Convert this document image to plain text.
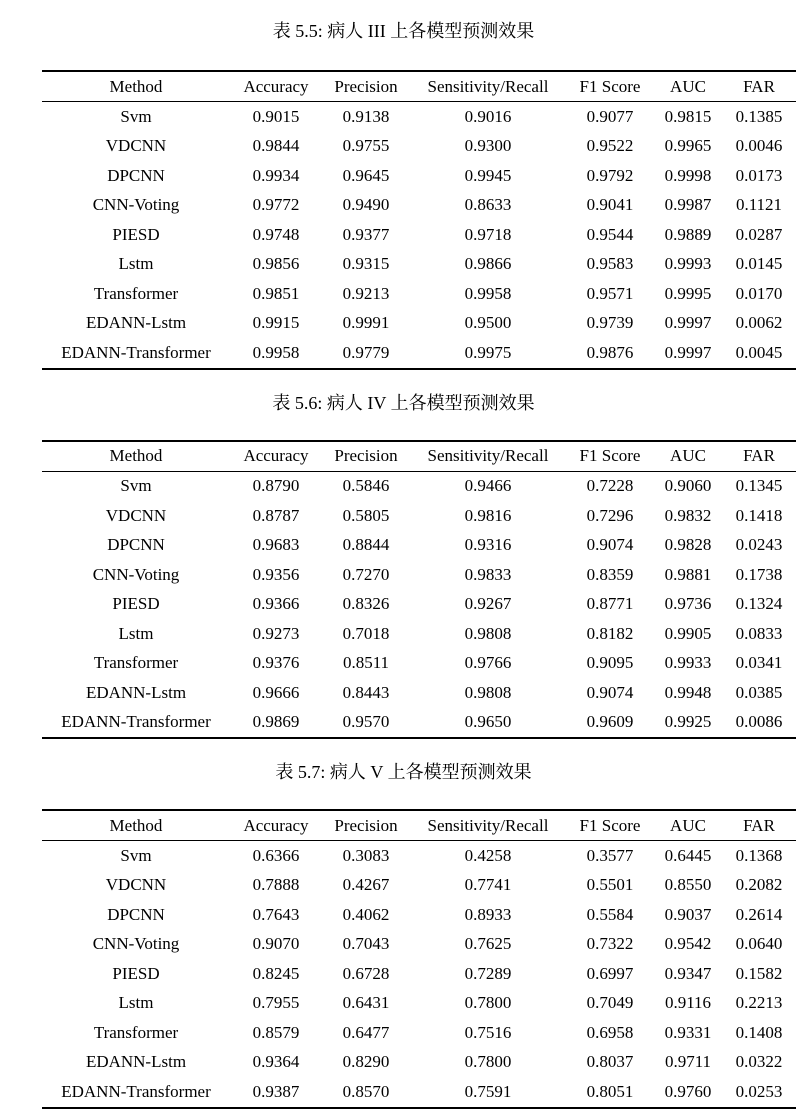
表 5.5: 病人 III 上各模型预测效果
Method	Accuracy	Precision	Sensitivity/Recall	F1 Score	AUC	FAR
Svm	0.9015	0.9138	0.9016	0.9077	0.9815	0.1385
VDCNN	0.9844	0.9755	0.9300	0.9522	0.9965	0.0046
DPCNN	0.9934	0.9645	0.9945	0.9792	0.9998	0.0173
CNN-Voting	0.9772	0.9490	0.8633	0.9041	0.9987	0.1121
PIESD	0.9748	0.9377	0.9718	0.9544	0.9889	0.0287
Lstm	0.9856	0.9315	0.9866	0.9583	0.9993	0.0145
Transformer	0.9851	0.9213	0.9958	0.9571	0.9995	0.0170
EDANN-Lstm	0.9915	0.9991	0.9500	0.9739	0.9997	0.0062
EDANN-Transformer	0.9958	0.9779	0.9975	0.9876	0.9997	0.0045
表 5.6: 病人 IV 上各模型预测效果
Method	Accuracy	Precision	Sensitivity/Recall	F1 Score	AUC	FAR
Svm	0.8790	0.5846	0.9466	0.7228	0.9060	0.1345
VDCNN	0.8787	0.5805	0.9816	0.7296	0.9832	0.1418
DPCNN	0.9683	0.8844	0.9316	0.9074	0.9828	0.0243
CNN-Voting	0.9356	0.7270	0.9833	0.8359	0.9881	0.1738
PIESD	0.9366	0.8326	0.9267	0.8771	0.9736	0.1324
Lstm	0.9273	0.7018	0.9808	0.8182	0.9905	0.0833
Transformer	0.9376	0.8511	0.9766	0.9095	0.9933	0.0341
EDANN-Lstm	0.9666	0.8443	0.9808	0.9074	0.9948	0.0385
EDANN-Transformer	0.9869	0.9570	0.9650	0.9609	0.9925	0.0086
表 5.7: 病人 V 上各模型预测效果
Method	Accuracy	Precision	Sensitivity/Recall	F1 Score	AUC	FAR
Svm	0.6366	0.3083	0.4258	0.3577	0.6445	0.1368
VDCNN	0.7888	0.4267	0.7741	0.5501	0.8550	0.2082
DPCNN	0.7643	0.4062	0.8933	0.5584	0.9037	0.2614
CNN-Voting	0.9070	0.7043	0.7625	0.7322	0.9542	0.0640
PIESD	0.8245	0.6728	0.7289	0.6997	0.9347	0.1582
Lstm	0.7955	0.6431	0.7800	0.7049	0.9116	0.2213
Transformer	0.8579	0.6477	0.7516	0.6958	0.9331	0.1408
EDANN-Lstm	0.9364	0.8290	0.7800	0.8037	0.9711	0.0322
EDANN-Transformer	0.9387	0.8570	0.7591	0.8051	0.9760	0.0253
